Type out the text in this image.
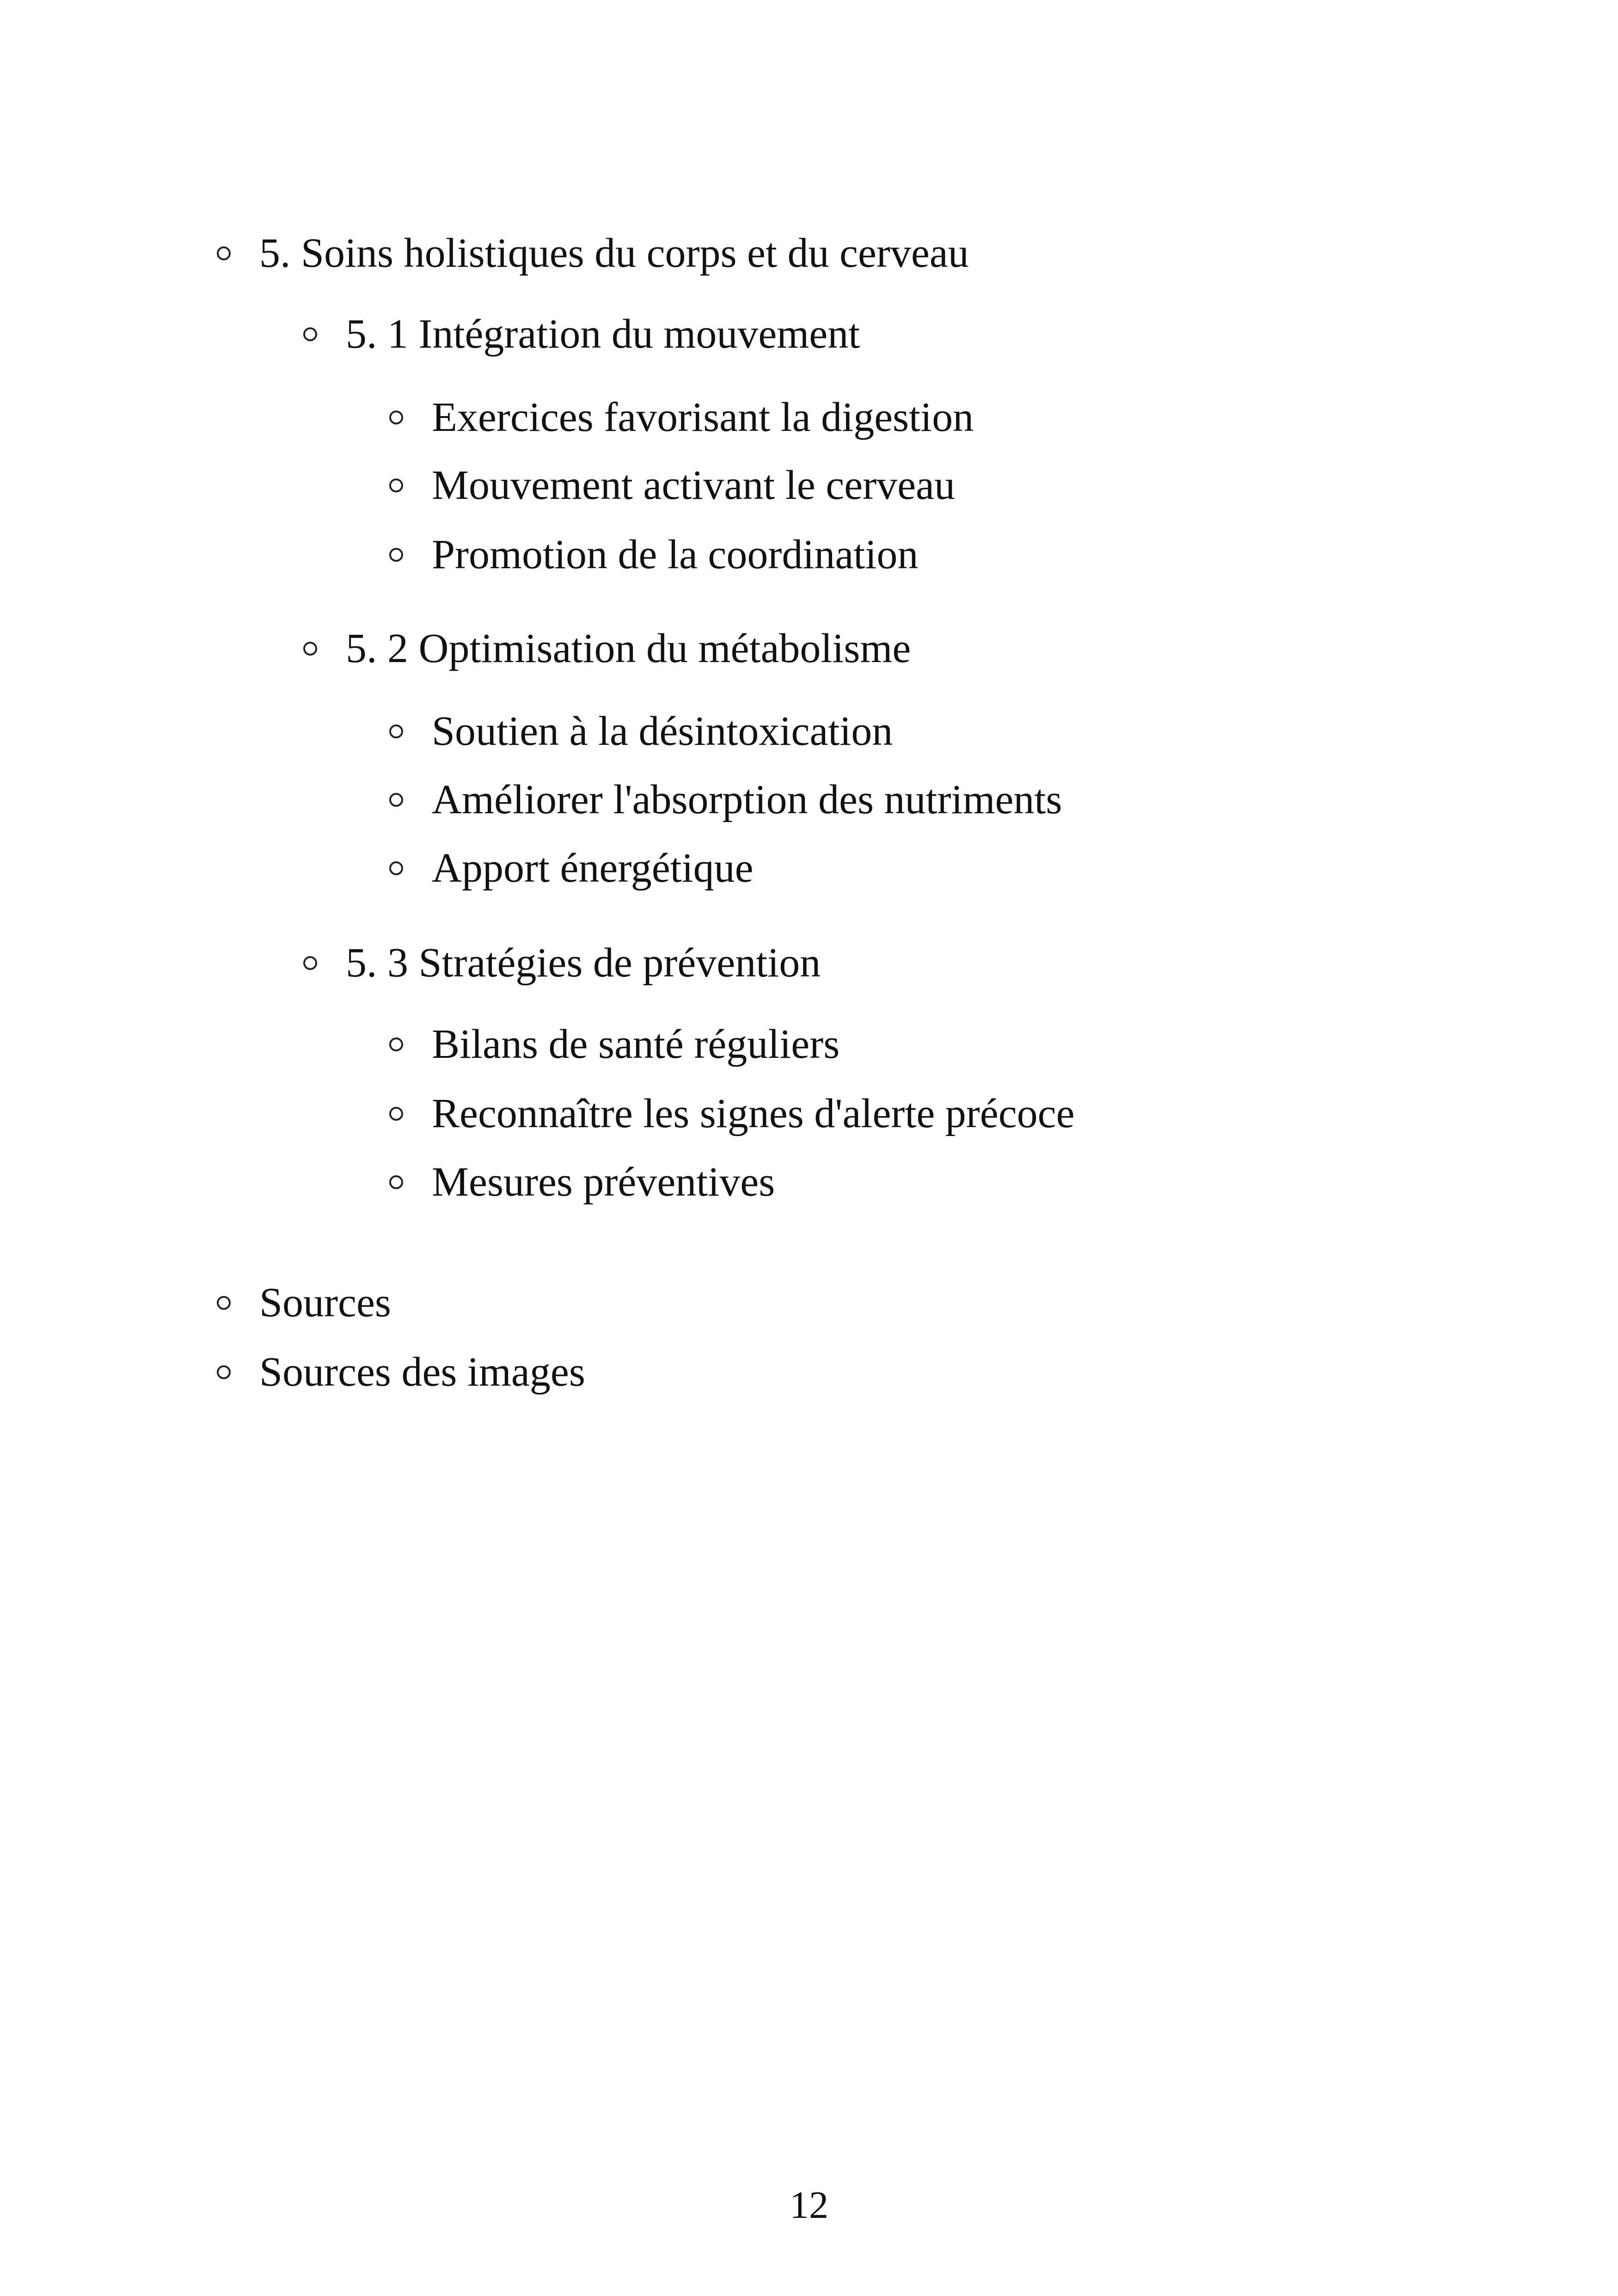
5. Soins holistiques du corps et du cerveau
5. 1 Intégration du mouvement
Exercices favorisant la digestion
Mouvement activant le cerveau
Promotion de la coordination
5. 2 Optimisation du métabolisme
Soutien à la désintoxication
Améliorer l'absorption des nutriments
Apport énergétique
5. 3 Stratégies de prévention
Bilans de santé réguliers
Reconnaître les signes d'alerte précoce
Mesures préventives
Sources
Sources des images
12
